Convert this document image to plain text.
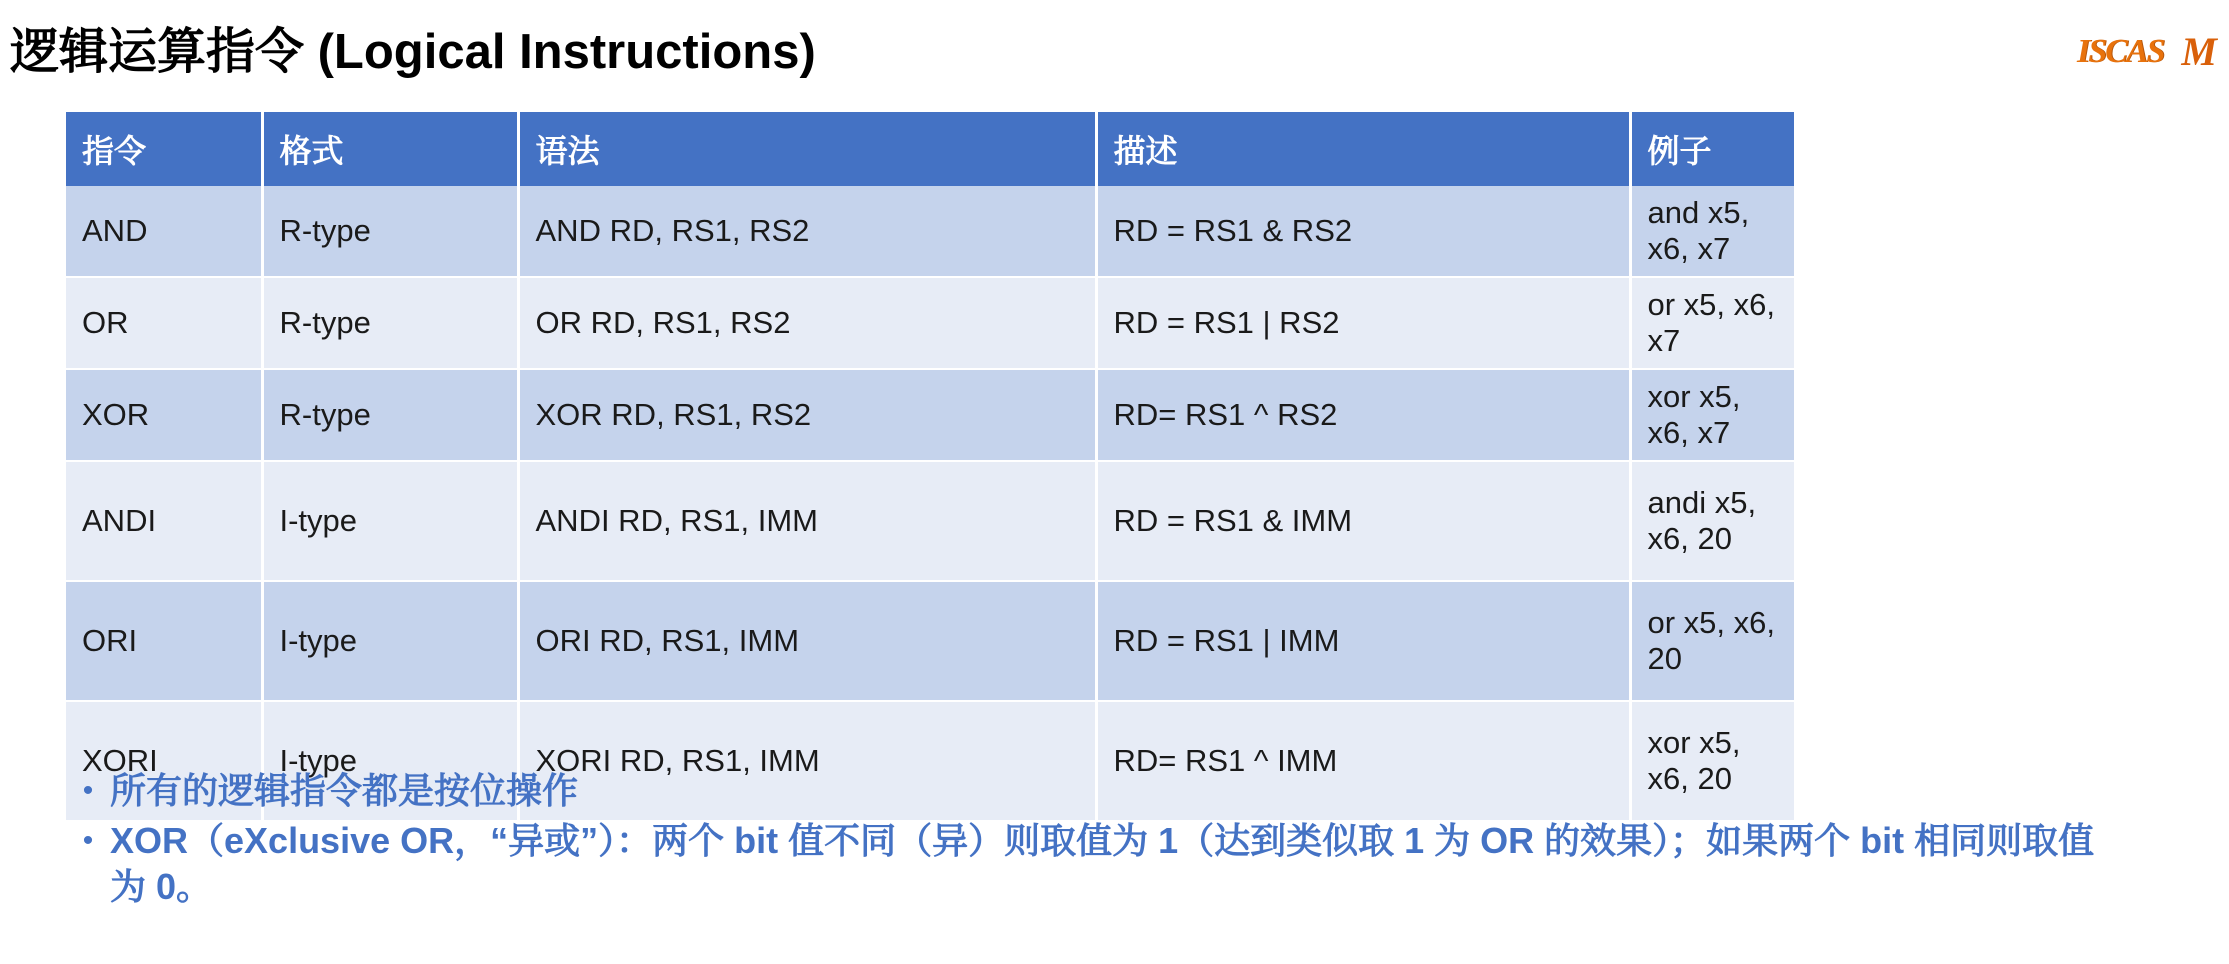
逻辑运算指令 (Logical Instructions)	ISCAS M
指令	格式	语法	描述	例子
AND	R-type	AND RD, RS1, RS2	RD = RS1 & RS2	and x5, x6, x7
OR	R-type	OR RD, RS1, RS2	RD = RS1 | RS2	or x5, x6, x7
XOR	R-type	XOR RD, RS1, RS2	RD= RS1 ^ RS2	xor x5, x6, x7
ANDI	I-type	ANDI RD, RS1, IMM	RD = RS1 & IMM	andi x5, x6, 20
ORI	I-type	ORI RD, RS1, IMM	RD = RS1 | IMM	or x5, x6, 20
XORI	I-type	XORI RD, RS1, IMM	RD= RS1 ^ IMM	xor x5, x6, 20
• 所有的逻辑指令都是按位操作
• XOR（eXclusive OR，“异或”）：两个 bit 值不同（异）则取值为 1（达到类似取 1 为 OR 的效果）；如果两个 bit 相同则取值为 0。
